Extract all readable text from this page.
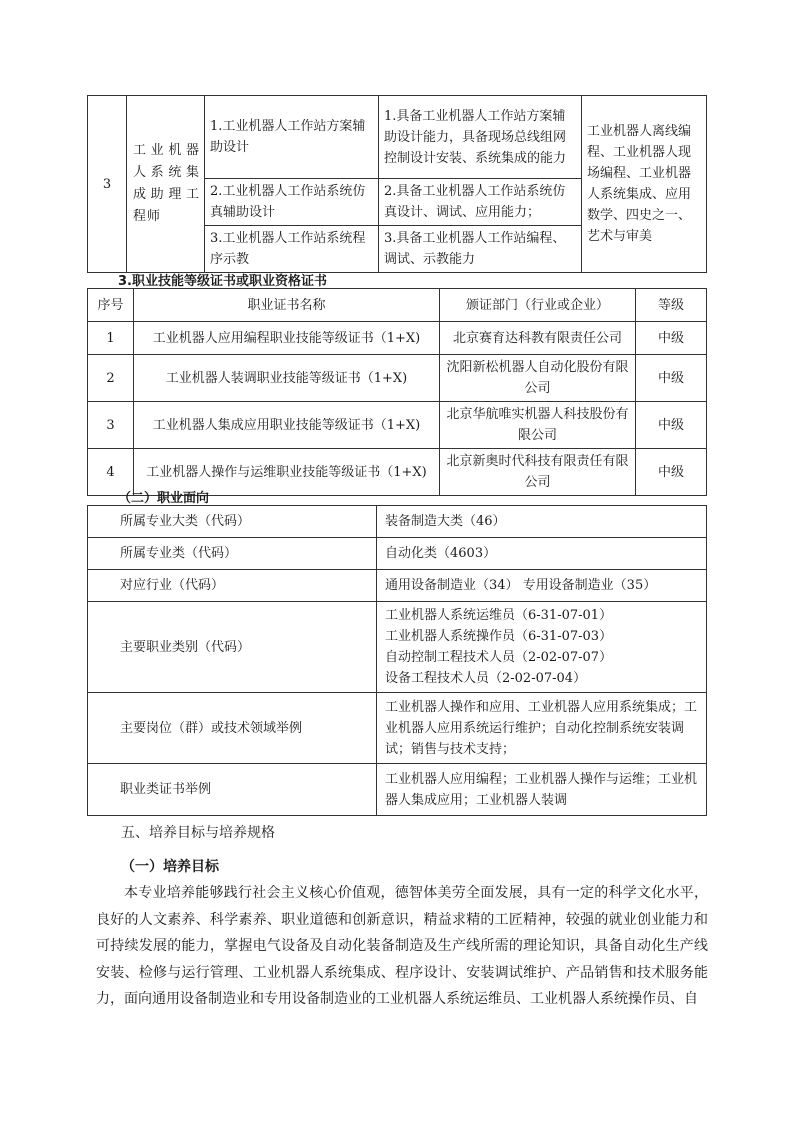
3	工业机器人系统集成助理工程师	1.工业机器人工作站方案辅助设计	1.具备工业机器人工作站方案辅助设计能力，具备现场总线组网控制设计安装、系统集成的能力	工业机器人离线编程、工业机器人现场编程、工业机器人系统集成、应用数学、四史之一、艺术与审美
		2.工业机器人工作站系统仿真辅助设计	2.具备工业机器人工作站系统仿真设计、调试、应用能力；	
		3.工业机器人工作站系统程序示教	3.具备工业机器人工作站编程、调试、示教能力	

3.职业技能等级证书或职业资格证书

序号	职业证书名称	颁证部门（行业或企业）	等级
1	工业机器人应用编程职业技能等级证书（1+X)	北京赛育达科教有限责任公司	中级
2	工业机器人装调职业技能等级证书（1+X)	沈阳新松机器人自动化股份有限公司	中级
3	工业机器人集成应用职业技能等级证书（1+X)	北京华航唯实机器人科技股份有限公司	中级
4	工业机器人操作与运维职业技能等级证书（1+X)	北京新奥时代科技有限责任有限公司	中级

（二）职业面向

所属专业大类（代码）	装备制造大类（46）
所属专业类（代码）	自动化类（4603）
对应行业（代码）	通用设备制造业（34） 专用设备制造业（35）
主要职业类别（代码）	工业机器人系统运维员（6-31-07-01）
工业机器人系统操作员（6-31-07-03）
自动控制工程技术人员（2-02-07-07）
设备工程技术人员（2-02-07-04）

主要岗位（群）或技术领域举例	工业机器人操作和应用、工业机器人应用系统集成；工业机器人应用系统运行维护；自动化控制系统安装调试；销售与技术支持；
职业类证书举例	工业机器人应用编程；工业机器人操作与运维；工业机器人集成应用；工业机器人装调

五、培养目标与培养规格

（一）培养目标

本专业培养能够践行社会主义核心价值观，德智体美劳全面发展，具有一定的科学文化水平，良好的人文素养、科学素养、职业道德和创新意识，精益求精的工匠精神，较强的就业创业能力和可持续发展的能力，掌握电气设备及自动化装备制造及生产线所需的理论知识，具备自动化生产线安装、检修与运行管理、工业机器人系统集成、程序设计、安装调试维护、产品销售和技术服务能力，面向通用设备制造业和专用设备制造业的工业机器人系统运维员、工业机器人系统操作员、自
